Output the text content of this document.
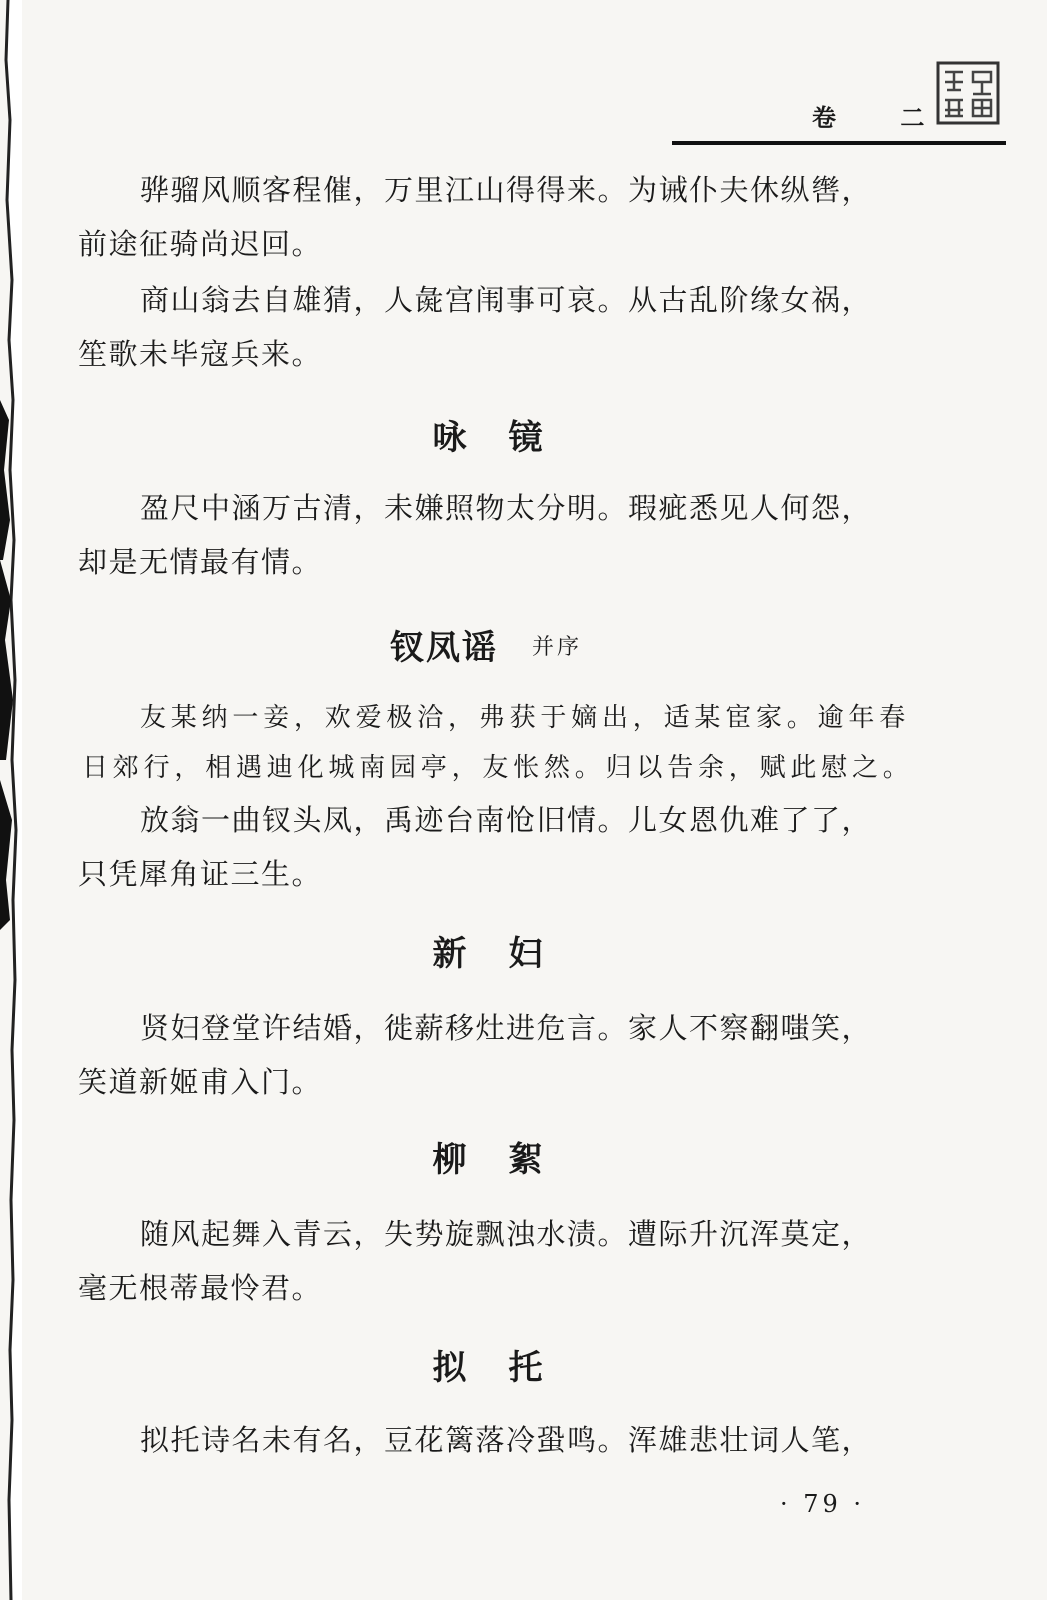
卷 二
骅骝风顺客程催，万里江山得得来。为诫仆夫休纵辔，
前途征骑尚迟回。
商山翁去自雄猜，人彘宫闱事可哀。从古乱阶缘女祸，
笙歌未毕寇兵来。
咏镜
盈尺中涵万古清，未嫌照物太分明。瑕疵悉见人何怨，
却是无情最有情。
钗凤谣 并序
友某纳一妾，欢爱极洽，弗获于嫡出，适某宦家。逾年春
日郊行，相遇迪化城南园亭，友怅然。归以告余，赋此慰之。
放翁一曲钗头凤，禹迹台南怆旧情。儿女恩仇难了了，
只凭犀角证三生。
新妇
贤妇登堂许结婚，徙薪移灶进危言。家人不察翻嗤笑，
笑道新姬甫入门。
柳絮
随风起舞入青云，失势旋飘浊水渍。遭际升沉浑莫定，
毫无根蒂最怜君。
拟托
拟托诗名未有名，豆花篱落冷蛩鸣。浑雄悲壮词人笔，
· 79 ·
